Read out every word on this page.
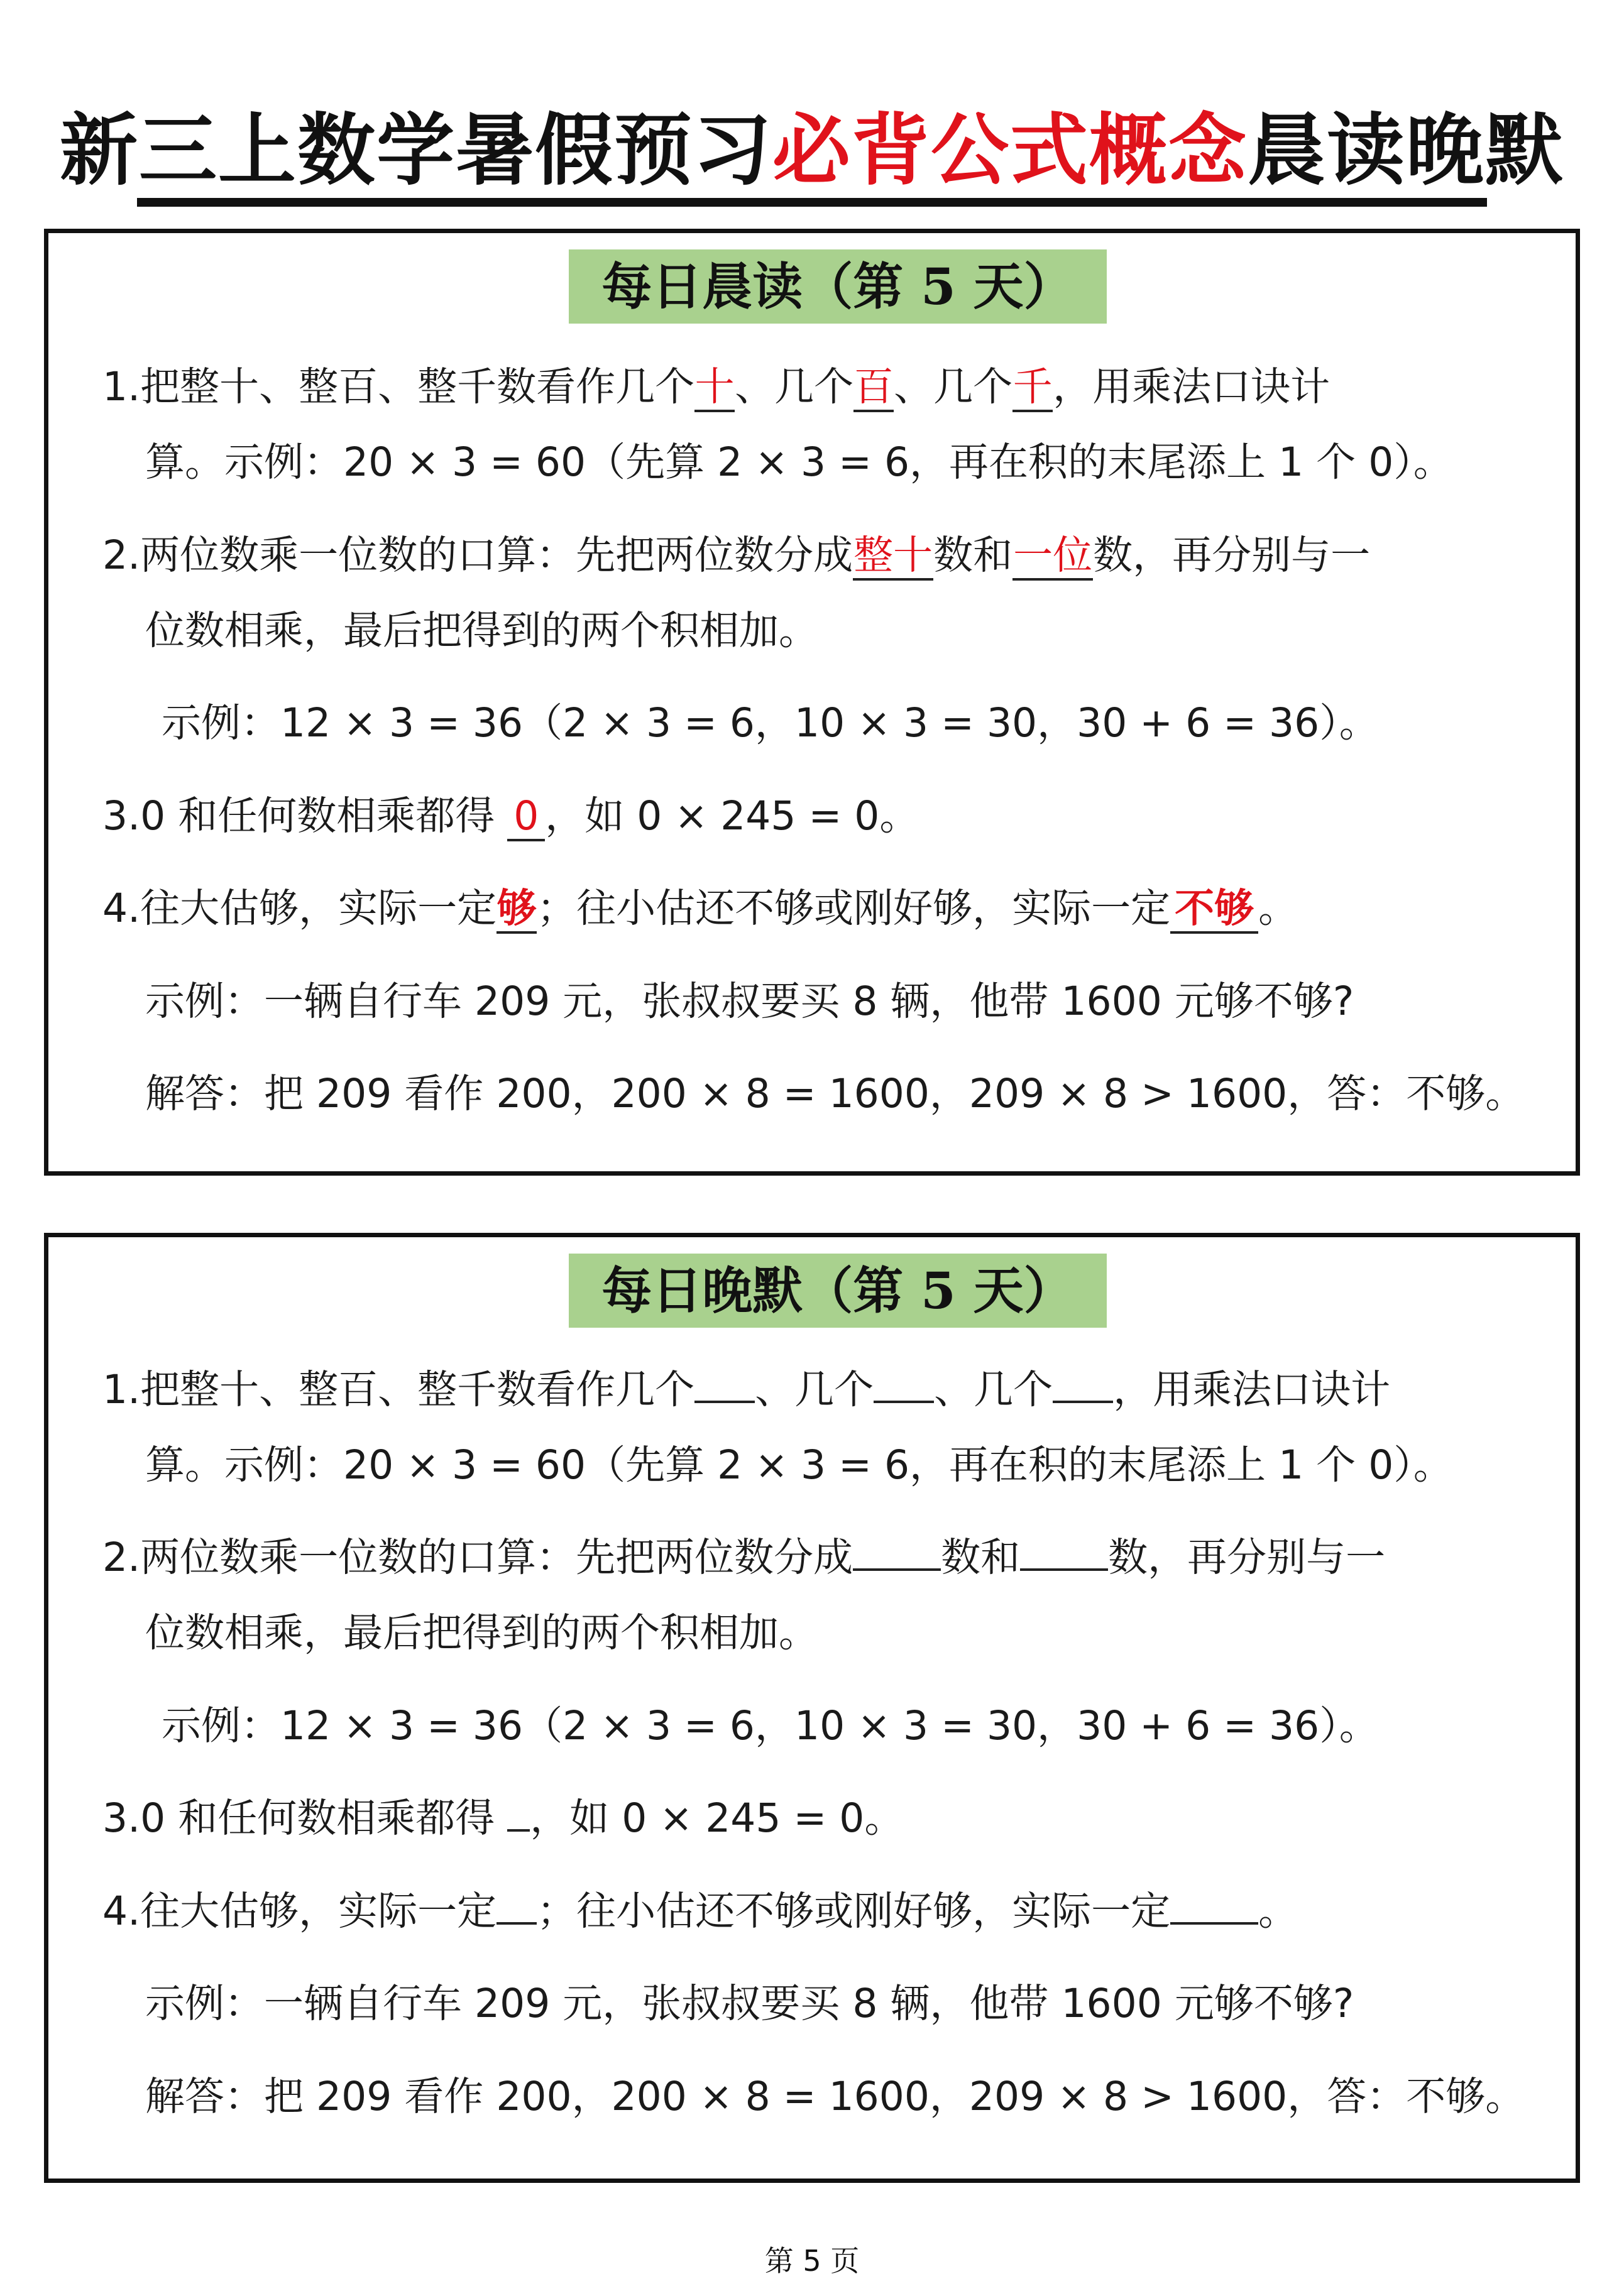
新三上数学暑假预习必背公式概念晨读晚默
每日晨读（第 5 天）
1.把整十、整百、整千数看作几个十、几个百、几个千，用乘法口诀计
算。示例：20 × 3 = 60（先算 2 × 3 = 6，再在积的末尾添上 1 个 0）。
2.两位数乘一位数的口算：先把两位数分成整十数和一位数，再分别与一
位数相乘，最后把得到的两个积相加。
示例：12 × 3 = 36（2 × 3 = 6，10 × 3 = 30，30 + 6 = 36）。
3.0 和任何数相乘都得 0 ，如 0 × 245 = 0。
4.往大估够，实际一定够；往小估还不够或刚好够，实际一定 不够 。
示例：一辆自行车 209 元，张叔叔要买 8 辆，他带 1600 元够不够?
解答：把 209 看作 200，200 × 8 = 1600，209 × 8 > 1600，答：不够。
每日晚默（第 5 天）
1.把整十、整百、整千数看作几个 、几个 、几个 ，用乘法口诀计
算。示例：20 × 3 = 60（先算 2 × 3 = 6，再在积的末尾添上 1 个 0）。
2.两位数乘一位数的口算：先把两位数分成 数和 数，再分别与一
位数相乘，最后把得到的两个积相加。
示例：12 × 3 = 36（2 × 3 = 6，10 × 3 = 30，30 + 6 = 36）。
3.0 和任何数相乘都得 ，如 0 × 245 = 0。
4.往大估够，实际一定 ；往小估还不够或刚好够，实际一定 。
示例：一辆自行车 209 元，张叔叔要买 8 辆，他带 1600 元够不够?
解答：把 209 看作 200，200 × 8 = 1600，209 × 8 > 1600，答：不够。
第 5 页
